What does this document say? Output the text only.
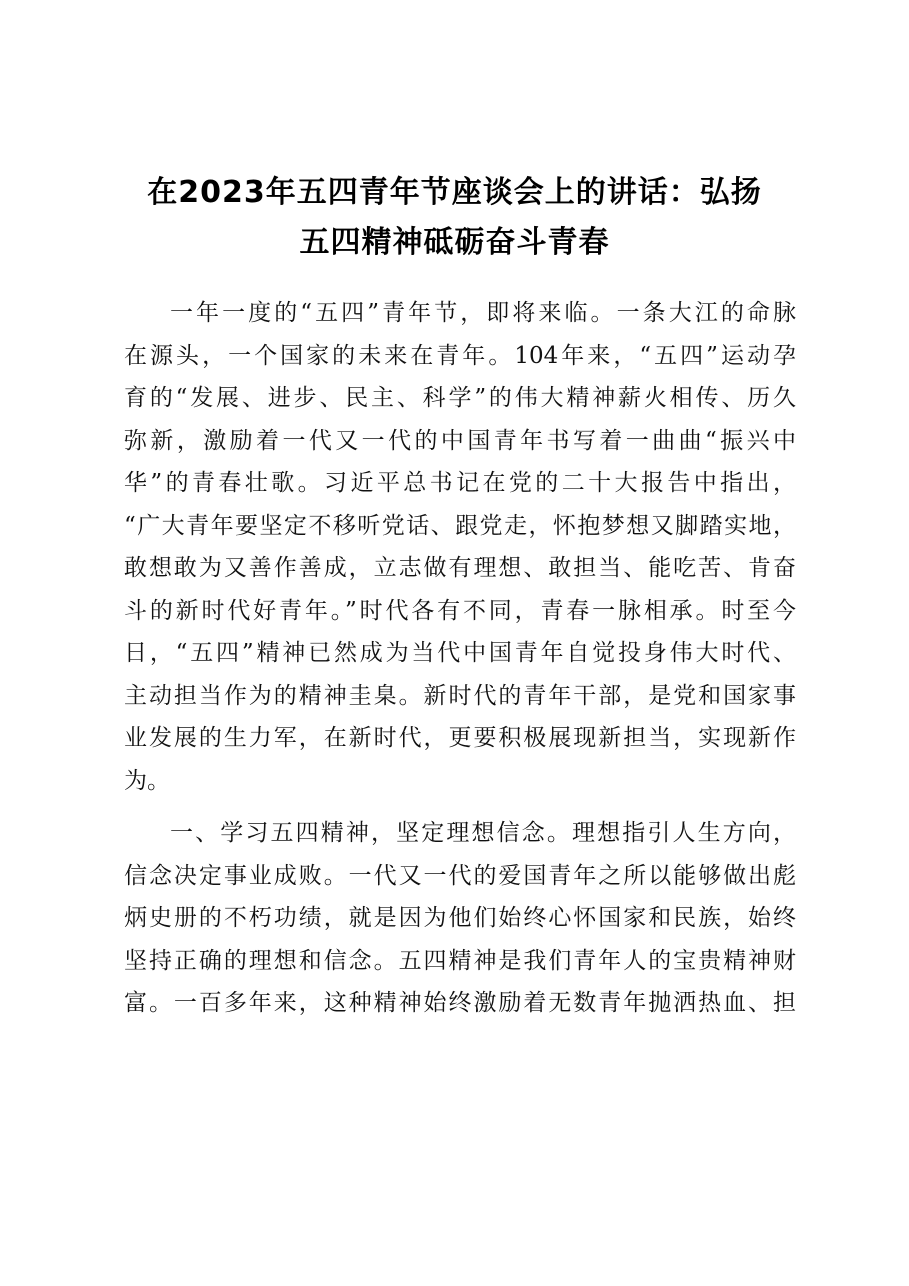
在2023年五四青年节座谈会上的讲话：弘扬
五四精神砥砺奋斗青春
一年一度的“五四”青年节，即将来临。一条大江的命脉
在源头，一个国家的未来在青年。104年来，“五四”运动孕
育的“发展、进步、民主、科学”的伟大精神薪火相传、历久
弥新，激励着一代又一代的中国青年书写着一曲曲“振兴中
华”的青春壮歌。习近平总书记在党的二十大报告中指出，
“广大青年要坚定不移听党话、跟党走，怀抱梦想又脚踏实地，
敢想敢为又善作善成，立志做有理想、敢担当、能吃苦、肯奋
斗的新时代好青年。”时代各有不同，青春一脉相承。时至今
日，“五四”精神已然成为当代中国青年自觉投身伟大时代、
主动担当作为的精神圭臬。新时代的青年干部，是党和国家事
业发展的生力军，在新时代，更要积极展现新担当，实现新作
为。
一、学习五四精神，坚定理想信念。理想指引人生方向，
信念决定事业成败。一代又一代的爱国青年之所以能够做出彪
炳史册的不朽功绩，就是因为他们始终心怀国家和民族，始终
坚持正确的理想和信念。五四精神是我们青年人的宝贵精神财
富。一百多年来，这种精神始终激励着无数青年抛洒热血、担
